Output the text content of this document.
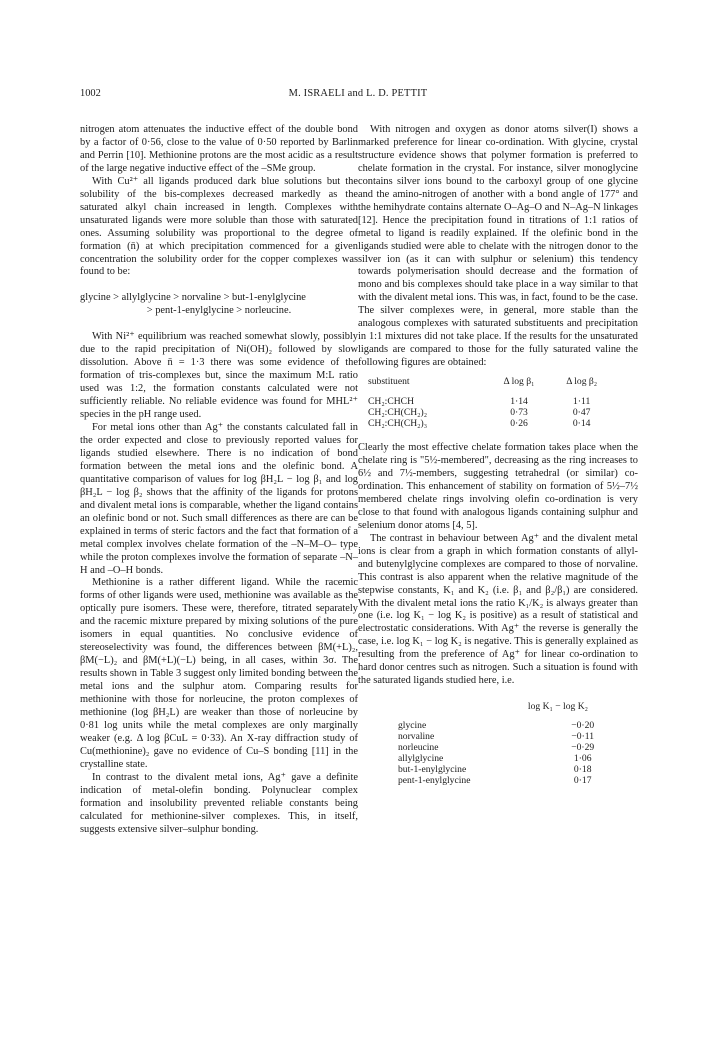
1002	M. ISRAELI and L. D. PETTIT

nitrogen atom attenuates the inductive effect of the double bond by a factor of 0·56, close to the value of 0·50 reported by Barlin and Perrin [10]. Methionine protons are the most acidic as a result of the large negative inductive effect of the –SMe group.

With Cu²⁺ all ligands produced dark blue solutions but the solubility of the bis-complexes decreased markedly as the saturated alkyl chain increased in length. Complexes with unsaturated ligands were more soluble than those with saturated ones. Assuming solubility was proportional to the degree of formation (n̄) at which precipitation commenced for a given concentration the solubility order for the copper complexes was found to be:

glycine > allylglycine > norvaline > but-1-enylglycine

> pent-1-enylglycine > norleucine.

With Ni²⁺ equilibrium was reached somewhat slowly, possibly due to the rapid precipitation of Ni(OH)₂ followed by slow dissolution. Above n̄ = 1·3 there was some evidence of the formation of tris-complexes but, since the maximum M:L ratio used was 1:2, the formation constants calculated were not sufficiently reliable. No reliable evidence was found for MHL²⁺ species in the pH range used.

For metal ions other than Ag⁺ the constants calculated fall in the order expected and close to previously reported values for ligands studied elsewhere. There is no indication of bond formation between the metal ions and the olefinic bond. A quantitative comparison of values for log βH₂L − log β₁ and log βH₂L − log β₂ shows that the affinity of the ligands for protons and divalent metal ions is comparable, whether the ligand contains an olefinic bond or not. Such small differences as there are can be explained in terms of steric factors and the fact that formation of a metal complex involves chelate formation of the –N–M–O– type while the proton complexes involve the formation of separate –N–H and –O–H bonds.

Methionine is a rather different ligand. While the racemic forms of other ligands were used, methionine was available as the optically pure isomers. These were, therefore, titrated separately and the racemic mixture prepared by mixing solutions of the pure isomers in equal quantities. No conclusive evidence of stereoselectivity was found, the differences between βM(+L)₂, βM(−L)₂ and βM(+L)(−L) being, in all cases, within 3σ. The results shown in Table 3 suggest only limited bonding between the metal ions and the sulphur atom. Comparing results for methionine with those for norleucine, the proton complexes of methionine (log βH₂L) are weaker than those of norleucine by 0·81 log units while the metal complexes are only marginally weaker (e.g. Δ log βCuL = 0·33). An X-ray diffraction study of Cu(methionine)₂ gave no evidence of Cu–S bonding [11] in the crystalline state.

In contrast to the divalent metal ions, Ag⁺ gave a definite indication of metal-olefin bonding. Polynuclear complex formation and insolubility prevented reliable constants being calculated for methionine-silver complexes. This, in itself, suggests extensive silver–sulphur bonding.

With nitrogen and oxygen as donor atoms silver(I) shows a marked preference for linear co-ordination. With glycine, crystal structure evidence shows that polymer formation is preferred to chelate formation in the crystal. For instance, silver monoglycine contains silver ions bound to the carboxyl group of one glycine and the amino-nitrogen of another with a bond angle of 177° and the hemihydrate contains alternate O–Ag–O and N–Ag–N linkages [12]. Hence the precipitation found in titrations of 1:1 ratios of metal to ligand is readily explained. If the olefinic bond in the ligands studied were able to chelate with the nitrogen donor to the silver ion (as it can with sulphur or selenium) this tendency towards polymerisation should decrease and the formation of mono and bis complexes should take place in a way similar to that with the divalent metal ions. This was, in fact, found to be the case. The silver complexes were, in general, more stable than the analogous complexes with saturated substituents and precipitation in 1:1 mixtures did not take place. If the results for the unsaturated ligands are compared to those for the fully saturated valine the following figures are obtained:

substituent	Δ log β₁	Δ log β₂
CH₂:CHCH	1·14	1·11
CH₂:CH(CH₂)₂	0·73	0·47
CH₂:CH(CH₂)₃	0·26	0·14

Clearly the most effective chelate formation takes place when the chelate ring is "5½-membered", decreasing as the ring increases to 6½ and 7½-members, suggesting tetrahedral (or similar) co-ordination. This enhancement of stability on formation of 5½–7½ membered chelate rings involving olefin co-ordination is very close to that found with analogous ligands containing sulphur and selenium donor atoms [4, 5].

The contrast in behaviour between Ag⁺ and the divalent metal ions is clear from a graph in which formation constants of allyl- and butenylglycine complexes are compared to those of norvaline. This contrast is also apparent when the relative magnitude of the stepwise constants, K₁ and K₂ (i.e. β₁ and β₂/β₁) are considered. With the divalent metal ions the ratio K₁/K₂ is always greater than one (i.e. log K₁ − log K₂ is positive) as a result of statistical and electrostatic considerations. With Ag⁺ the reverse is generally the case, i.e. log K₁ − log K₂ is negative. This is generally explained as resulting from the preference of Ag⁺ for linear co-ordination to hard donor centres such as nitrogen. Such a situation is found with the saturated ligands studied here, i.e.

log K₁ − log K₂	
glycine	−0·20
norvaline	−0·11
norleucine	−0·29
allylglycine	1·06
but-1-enylglycine	0·18
pent-1-enylglycine	0·17
